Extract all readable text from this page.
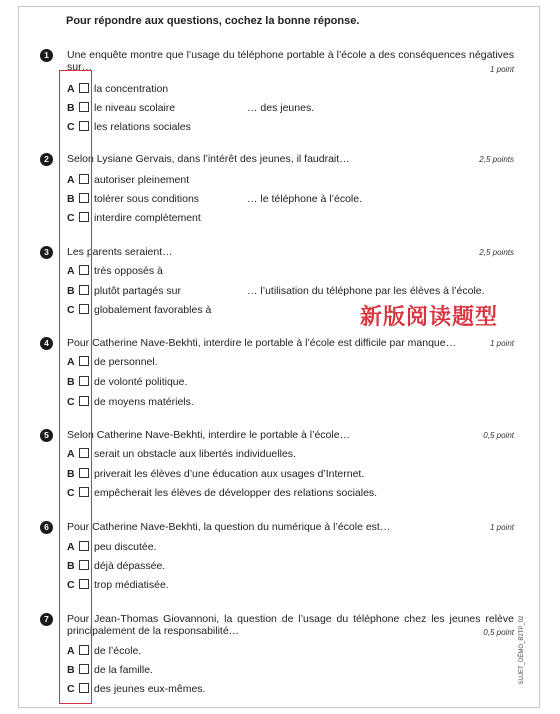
Pour répondre aux questions, cochez la bonne réponse.
1	Une enquête montre que l’usage du téléphone portable à l’école a des conséquences négatives sur…	1 point
A la concentration
B le niveau scolaire
C les relations sociales
… des jeunes.
2	Selon Lysiane Gervais, dans l’intérêt des jeunes, il faudrait…	2,5 points
A autoriser pleinement
B tolérer sous conditions
C interdire complètement
… le téléphone à l’école.
3	Les parents seraient…	2,5 points
A très opposés à
B plutôt partagés sur
C globalement favorables à
… l’utilisation du téléphone par les élèves à l’école.
4	Pour Catherine Nave-Bekhti, interdire le portable à l’école est difficile par manque…	1 point
A de personnel.
B de volonté politique.
C de moyens matériels.
5	Selon Catherine Nave-Bekhti, interdire le portable à l’école…	0,5 point
A serait un obstacle aux libertés individuelles.
B priverait les élèves d’une éducation aux usages d’Internet.
C empêcherait les élèves de développer des relations sociales.
6	Pour Catherine Nave-Bekhti, la question du numérique à l’école est…	1 point
A peu discutée.
B déjà dépassée.
C trop médiatisée.
7	Pour Jean-Thomas Giovannoni, la question de l’usage du téléphone chez les jeunes relève principalement de la responsabilité…	0,5 point
A de l’école.
B de la famille.
C des jeunes eux-mêmes.
新版阅读题型
SUJET_DÉMO_B2TP_02
